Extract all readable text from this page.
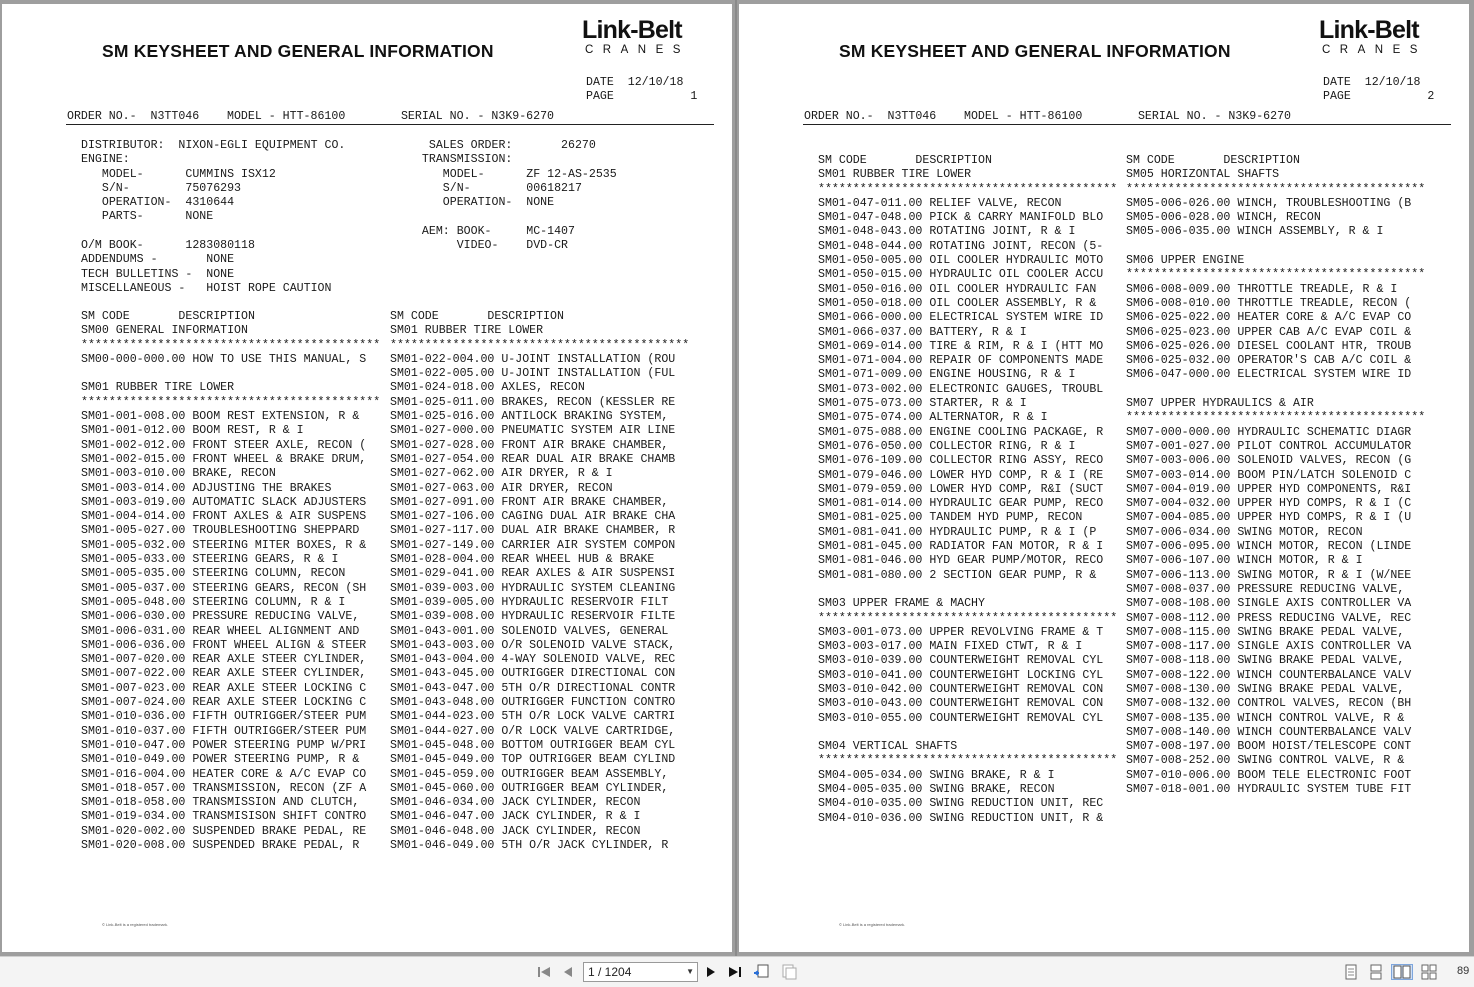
SM KEYSHEET AND GENERAL INFORMATION
Link-Belt
CRANES
DATE  12/10/18
PAGE           1
ORDER NO.-  N3TT046    MODEL - HTT-86100        SERIAL NO. - N3K9-6270
DISTRIBUTOR:  NIXON-EGLI EQUIPMENT CO.            SALES ORDER:       26270
ENGINE:                                          TRANSMISSION:
MODEL-      CUMMINS ISX12                        MODEL-      ZF 12-AS-2535
S/N-        75076293                             S/N-        00618217
OPERATION-  4310644                              OPERATION-  NONE
PARTS-      NONE
AEM: BOOK-     MC-1407
O/M BOOK-      1283080118                             VIDEO-    DVD-CR
ADDENDUMS -       NONE
TECH BULLETINS -  NONE
MISCELLANEOUS -   HOIST ROPE CAUTION
SM CODE       DESCRIPTION
SM00 GENERAL INFORMATION
*******************************************
SM00-000-000.00 HOW TO USE THIS MANUAL, S
SM01 RUBBER TIRE LOWER
*******************************************
SM01-001-008.00 BOOM REST EXTENSION, R &
SM01-001-012.00 BOOM REST, R & I
SM01-002-012.00 FRONT STEER AXLE, RECON (
SM01-002-015.00 FRONT WHEEL & BRAKE DRUM,
SM01-003-010.00 BRAKE, RECON
SM01-003-014.00 ADJUSTING THE BRAKES
SM01-003-019.00 AUTOMATIC SLACK ADJUSTERS
SM01-004-014.00 FRONT AXLES & AIR SUSPENS
SM01-005-027.00 TROUBLESHOOTING SHEPPARD
SM01-005-032.00 STEERING MITER BOXES, R &
SM01-005-033.00 STEERING GEARS, R & I
SM01-005-035.00 STEERING COLUMN, RECON
SM01-005-037.00 STEERING GEARS, RECON (SH
SM01-005-048.00 STEERING COLUMN, R & I
SM01-006-030.00 PRESSURE REDUCING VALVE,
SM01-006-031.00 REAR WHEEL ALIGNMENT AND
SM01-006-036.00 FRONT WHEEL ALIGN & STEER
SM01-007-020.00 REAR AXLE STEER CYLINDER,
SM01-007-022.00 REAR AXLE STEER CYLINDER,
SM01-007-023.00 REAR AXLE STEER LOCKING C
SM01-007-024.00 REAR AXLE STEER LOCKING C
SM01-010-036.00 FIFTH OUTRIGGER/STEER PUM
SM01-010-037.00 FIFTH OUTRIGGER/STEER PUM
SM01-010-047.00 POWER STEERING PUMP W/PRI
SM01-010-049.00 POWER STEERING PUMP, R &
SM01-016-004.00 HEATER CORE & A/C EVAP CO
SM01-018-057.00 TRANSMISSION, RECON (ZF A
SM01-018-058.00 TRANSMISSION AND CLUTCH,
SM01-019-034.00 TRANSMISISON SHIFT CONTRO
SM01-020-002.00 SUSPENDED BRAKE PEDAL, RE
SM01-020-008.00 SUSPENDED BRAKE PEDAL, R
SM CODE       DESCRIPTION
SM01 RUBBER TIRE LOWER
*******************************************
SM01-022-004.00 U-JOINT INSTALLATION (ROU
SM01-022-005.00 U-JOINT INSTALLATION (FUL
SM01-024-018.00 AXLES, RECON
SM01-025-011.00 BRAKES, RECON (KESSLER RE
SM01-025-016.00 ANTILOCK BRAKING SYSTEM,
SM01-027-000.00 PNEUMATIC SYSTEM AIR LINE
SM01-027-028.00 FRONT AIR BRAKE CHAMBER,
SM01-027-054.00 REAR DUAL AIR BRAKE CHAMB
SM01-027-062.00 AIR DRYER, R & I
SM01-027-063.00 AIR DRYER, RECON
SM01-027-091.00 FRONT AIR BRAKE CHAMBER,
SM01-027-106.00 CAGING DUAL AIR BRAKE CHA
SM01-027-117.00 DUAL AIR BRAKE CHAMBER, R
SM01-027-149.00 CARRIER AIR SYSTEM COMPON
SM01-028-004.00 REAR WHEEL HUB & BRAKE
SM01-029-041.00 REAR AXLES & AIR SUSPENSI
SM01-039-003.00 HYDRAULIC SYSTEM CLEANING
SM01-039-005.00 HYDRAULIC RESERVOIR FILT
SM01-039-008.00 HYDRAULIC RESERVOIR FILTE
SM01-043-001.00 SOLENOID VALVES, GENERAL
SM01-043-003.00 O/R SOLENOID VALVE STACK,
SM01-043-004.00 4-WAY SOLENOID VALVE, REC
SM01-043-045.00 OUTRIGGER DIRECTIONAL CON
SM01-043-047.00 5TH O/R DIRECTIONAL CONTR
SM01-043-048.00 OUTRIGGER FUNCTION CONTRO
SM01-044-023.00 5TH O/R LOCK VALVE CARTRI
SM01-044-027.00 O/R LOCK VALVE CARTRIDGE,
SM01-045-048.00 BOTTOM OUTRIGGER BEAM CYL
SM01-045-049.00 TOP OUTRIGGER BEAM CYLIND
SM01-045-059.00 OUTRIGGER BEAM ASSEMBLY,
SM01-045-060.00 OUTRIGGER BEAM CYLINDER,
SM01-046-034.00 JACK CYLINDER, RECON
SM01-046-047.00 JACK CYLINDER, R & I
SM01-046-048.00 JACK CYLINDER, RECON
SM01-046-049.00 5TH O/R JACK CYLINDER, R
© Link-Belt is a registered trademark.
SM KEYSHEET AND GENERAL INFORMATION
Link-Belt
CRANES
DATE  12/10/18
PAGE           2
ORDER NO.-  N3TT046    MODEL - HTT-86100        SERIAL NO. - N3K9-6270
SM CODE       DESCRIPTION
SM01 RUBBER TIRE LOWER
*******************************************
SM01-047-011.00 RELIEF VALVE, RECON
SM01-047-048.00 PICK & CARRY MANIFOLD BLO
SM01-048-043.00 ROTATING JOINT, R & I
SM01-048-044.00 ROTATING JOINT, RECON (5-
SM01-050-005.00 OIL COOLER HYDRAULIC MOTO
SM01-050-015.00 HYDRAULIC OIL COOLER ACCU
SM01-050-016.00 OIL COOLER HYDRAULIC FAN
SM01-050-018.00 OIL COOLER ASSEMBLY, R &
SM01-066-000.00 ELECTRICAL SYSTEM WIRE ID
SM01-066-037.00 BATTERY, R & I
SM01-069-014.00 TIRE & RIM, R & I (HTT MO
SM01-071-004.00 REPAIR OF COMPONENTS MADE
SM01-071-009.00 ENGINE HOUSING, R & I
SM01-073-002.00 ELECTRONIC GAUGES, TROUBL
SM01-075-073.00 STARTER, R & I
SM01-075-074.00 ALTERNATOR, R & I
SM01-075-088.00 ENGINE COOLING PACKAGE, R
SM01-076-050.00 COLLECTOR RING, R & I
SM01-076-109.00 COLLECTOR RING ASSY, RECO
SM01-079-046.00 LOWER HYD COMP, R & I (RE
SM01-079-059.00 LOWER HYD COMP, R&I (SUCT
SM01-081-014.00 HYDRAULIC GEAR PUMP, RECO
SM01-081-025.00 TANDEM HYD PUMP, RECON
SM01-081-041.00 HYDRAULIC PUMP, R & I (P
SM01-081-045.00 RADIATOR FAN MOTOR, R & I
SM01-081-046.00 HYD GEAR PUMP/MOTOR, RECO
SM01-081-080.00 2 SECTION GEAR PUMP, R &
SM03 UPPER FRAME & MACHY
*******************************************
SM03-001-073.00 UPPER REVOLVING FRAME & T
SM03-003-017.00 MAIN FIXED CTWT, R & I
SM03-010-039.00 COUNTERWEIGHT REMOVAL CYL
SM03-010-041.00 COUNTERWEIGHT LOCKING CYL
SM03-010-042.00 COUNTERWEIGHT REMOVAL CON
SM03-010-043.00 COUNTERWEIGHT REMOVAL CON
SM03-010-055.00 COUNTERWEIGHT REMOVAL CYL
SM04 VERTICAL SHAFTS
*******************************************
SM04-005-034.00 SWING BRAKE, R & I
SM04-005-035.00 SWING BRAKE, RECON
SM04-010-035.00 SWING REDUCTION UNIT, REC
SM04-010-036.00 SWING REDUCTION UNIT, R &
SM CODE       DESCRIPTION
SM05 HORIZONTAL SHAFTS
*******************************************
SM05-006-026.00 WINCH, TROUBLESHOOTING (B
SM05-006-028.00 WINCH, RECON
SM05-006-035.00 WINCH ASSEMBLY, R & I
SM06 UPPER ENGINE
*******************************************
SM06-008-009.00 THROTTLE TREADLE, R & I
SM06-008-010.00 THROTTLE TREADLE, RECON (
SM06-025-022.00 HEATER CORE & A/C EVAP CO
SM06-025-023.00 UPPER CAB A/C EVAP COIL &
SM06-025-026.00 DIESEL COOLANT HTR, TROUB
SM06-025-032.00 OPERATOR'S CAB A/C COIL &
SM06-047-000.00 ELECTRICAL SYSTEM WIRE ID
SM07 UPPER HYDRAULICS & AIR
*******************************************
SM07-000-000.00 HYDRAULIC SCHEMATIC DIAGR
SM07-001-027.00 PILOT CONTROL ACCUMULATOR
SM07-003-006.00 SOLENOID VALVES, RECON (G
SM07-003-014.00 BOOM PIN/LATCH SOLENOID C
SM07-004-019.00 UPPER HYD COMPONENTS, R&I
SM07-004-032.00 UPPER HYD COMPS, R & I (C
SM07-004-085.00 UPPER HYD COMPS, R & I (U
SM07-006-034.00 SWING MOTOR, RECON
SM07-006-095.00 WINCH MOTOR, RECON (LINDE
SM07-006-107.00 WINCH MOTOR, R & I
SM07-006-113.00 SWING MOTOR, R & I (W/NEE
SM07-008-037.00 PRESSURE REDUCING VALVE,
SM07-008-108.00 SINGLE AXIS CONTROLLER VA
SM07-008-112.00 PRESS REDUCING VALVE, REC
SM07-008-115.00 SWING BRAKE PEDAL VALVE,
SM07-008-117.00 SINGLE AXIS CONTROLLER VA
SM07-008-118.00 SWING BRAKE PEDAL VALVE,
SM07-008-122.00 WINCH COUNTERBALANCE VALV
SM07-008-130.00 SWING BRAKE PEDAL VALVE,
SM07-008-132.00 CONTROL VALVES, RECON (BH
SM07-008-135.00 WINCH CONTROL VALVE, R &
SM07-008-140.00 WINCH COUNTERBALANCE VALV
SM07-008-197.00 BOOM HOIST/TELESCOPE CONT
SM07-008-252.00 SWING CONTROL VALVE, R &
SM07-010-006.00 BOOM TELE ELECTRONIC FOOT
SM07-018-001.00 HYDRAULIC SYSTEM TUBE FIT
© Link-Belt is a registered trademark.
1 / 1204	▼	89
